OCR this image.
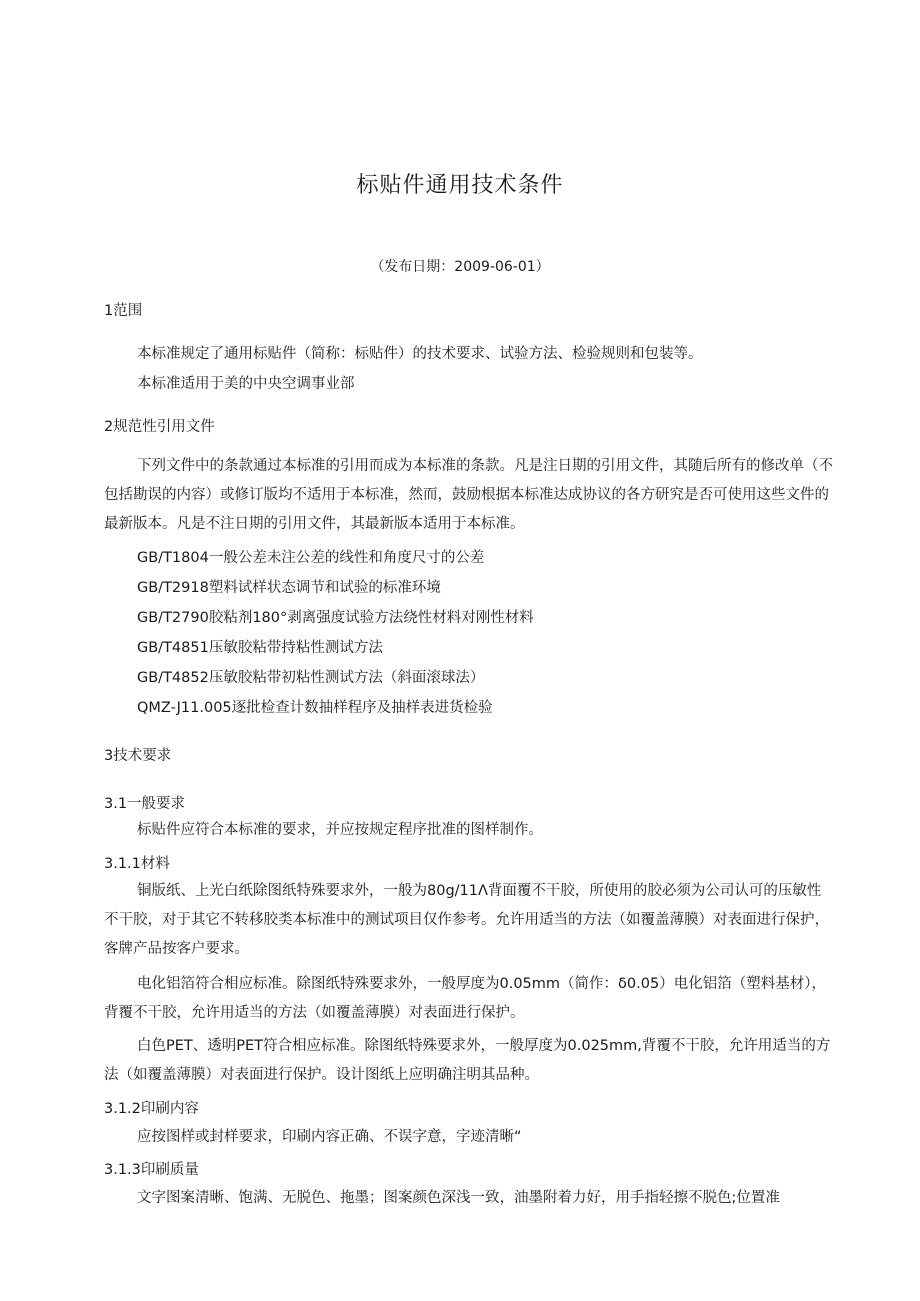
标贴件通用技术条件
（发布日期：2009-06-01）
1范围
本标准规定了通用标贴件（简称：标贴件）的技术要求、试验方法、检验规则和包装等。
本标准适用于美的中央空调事业部
2规范性引用文件
下列文件中的条款通过本标准的引用而成为本标准的条款。凡是注日期的引用文件，其随后所有的修改单（不包括勘误的内容）或修订版均不适用于本标准，然而，鼓励根据本标准达成协议的各方研究是否可使用这些文件的最新版本。凡是不注日期的引用文件，其最新版本适用于本标准。
GB/T1804一般公差未注公差的线性和角度尺寸的公差
GB/T2918塑料试样状态调节和试验的标准环境
GB/T2790胶粘剂180°剥离强度试验方法绕性材料对刚性材料
GB/T4851压敏胶粘带持粘性测试方法
GB/T4852压敏胶粘带初粘性测试方法（斜面滚球法）
QMZ-J11.005逐批检查计数抽样程序及抽样表进货检验
3技术要求
3.1一般要求
标贴件应符合本标准的要求，并应按规定程序批准的图样制作。
3.1.1材料
铜版纸、上光白纸除图纸特殊要求外，一般为80g∕11Λ背面覆不干胶，所使用的胶必须为公司认可的压敏性不干胶，对于其它不转移胶类本标准中的测试项目仅作参考。允许用适当的方法（如覆盖薄膜）对表面进行保护，客牌产品按客户要求。
电化铝箔符合相应标准。除图纸特殊要求外，一般厚度为0.05mm（简作：δ0.05）电化铝箔（塑料基材），背覆不干胶，允许用适当的方法（如覆盖薄膜）对表面进行保护。
白色PET、透明PET符合相应标准。除图纸特殊要求外，一般厚度为0.025mm,背覆不干胶，允许用适当的方法（如覆盖薄膜）对表面进行保护。设计图纸上应明确注明其品种。
3.1.2印刷内容
应按图样或封样要求，印刷内容正确、不误字意，字迹清晰“
3.1.3印刷质量
文字图案清晰、饱满、无脱色、拖墨；图案颜色深浅一致，油墨附着力好，用手指轻擦不脱色;位置准
